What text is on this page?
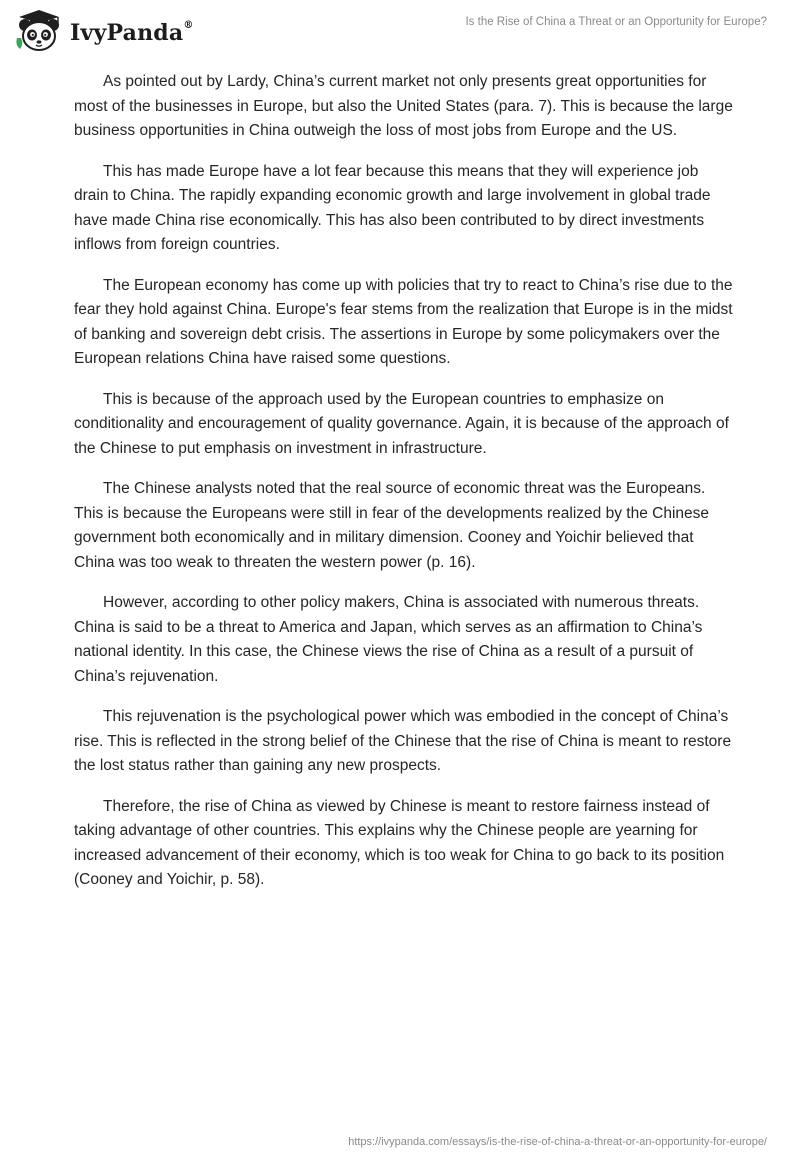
IvyPanda®	Is the Rise of China a Threat or an Opportunity for Europe?

As pointed out by Lardy, China’s current market not only presents great opportunities for most of the businesses in Europe, but also the United States (para. 7). This is because the large business opportunities in China outweigh the loss of most jobs from Europe and the US.

This has made Europe have a lot fear because this means that they will experience job drain to China. The rapidly expanding economic growth and large involvement in global trade have made China rise economically. This has also been contributed to by direct investments inflows from foreign countries.

The European economy has come up with policies that try to react to China’s rise due to the fear they hold against China. Europe's fear stems from the realization that Europe is in the midst of banking and sovereign debt crisis. The assertions in Europe by some policymakers over the European relations China have raised some questions.

This is because of the approach used by the European countries to emphasize on conditionality and encouragement of quality governance. Again, it is because of the approach of the Chinese to put emphasis on investment in infrastructure.

The Chinese analysts noted that the real source of economic threat was the Europeans. This is because the Europeans were still in fear of the developments realized by the Chinese government both economically and in military dimension. Cooney and Yoichir believed that China was too weak to threaten the western power (p. 16).

However, according to other policy makers, China is associated with numerous threats. China is said to be a threat to America and Japan, which serves as an affirmation to China’s national identity. In this case, the Chinese views the rise of China as a result of a pursuit of China’s rejuvenation.

This rejuvenation is the psychological power which was embodied in the concept of China’s rise. This is reflected in the strong belief of the Chinese that the rise of China is meant to restore the lost status rather than gaining any new prospects.

Therefore, the rise of China as viewed by Chinese is meant to restore fairness instead of taking advantage of other countries. This explains why the Chinese people are yearning for increased advancement of their economy, which is too weak for China to go back to its position (Cooney and Yoichir, p. 58).

https://ivypanda.com/essays/is-the-rise-of-china-a-threat-or-an-opportunity-for-europe/
